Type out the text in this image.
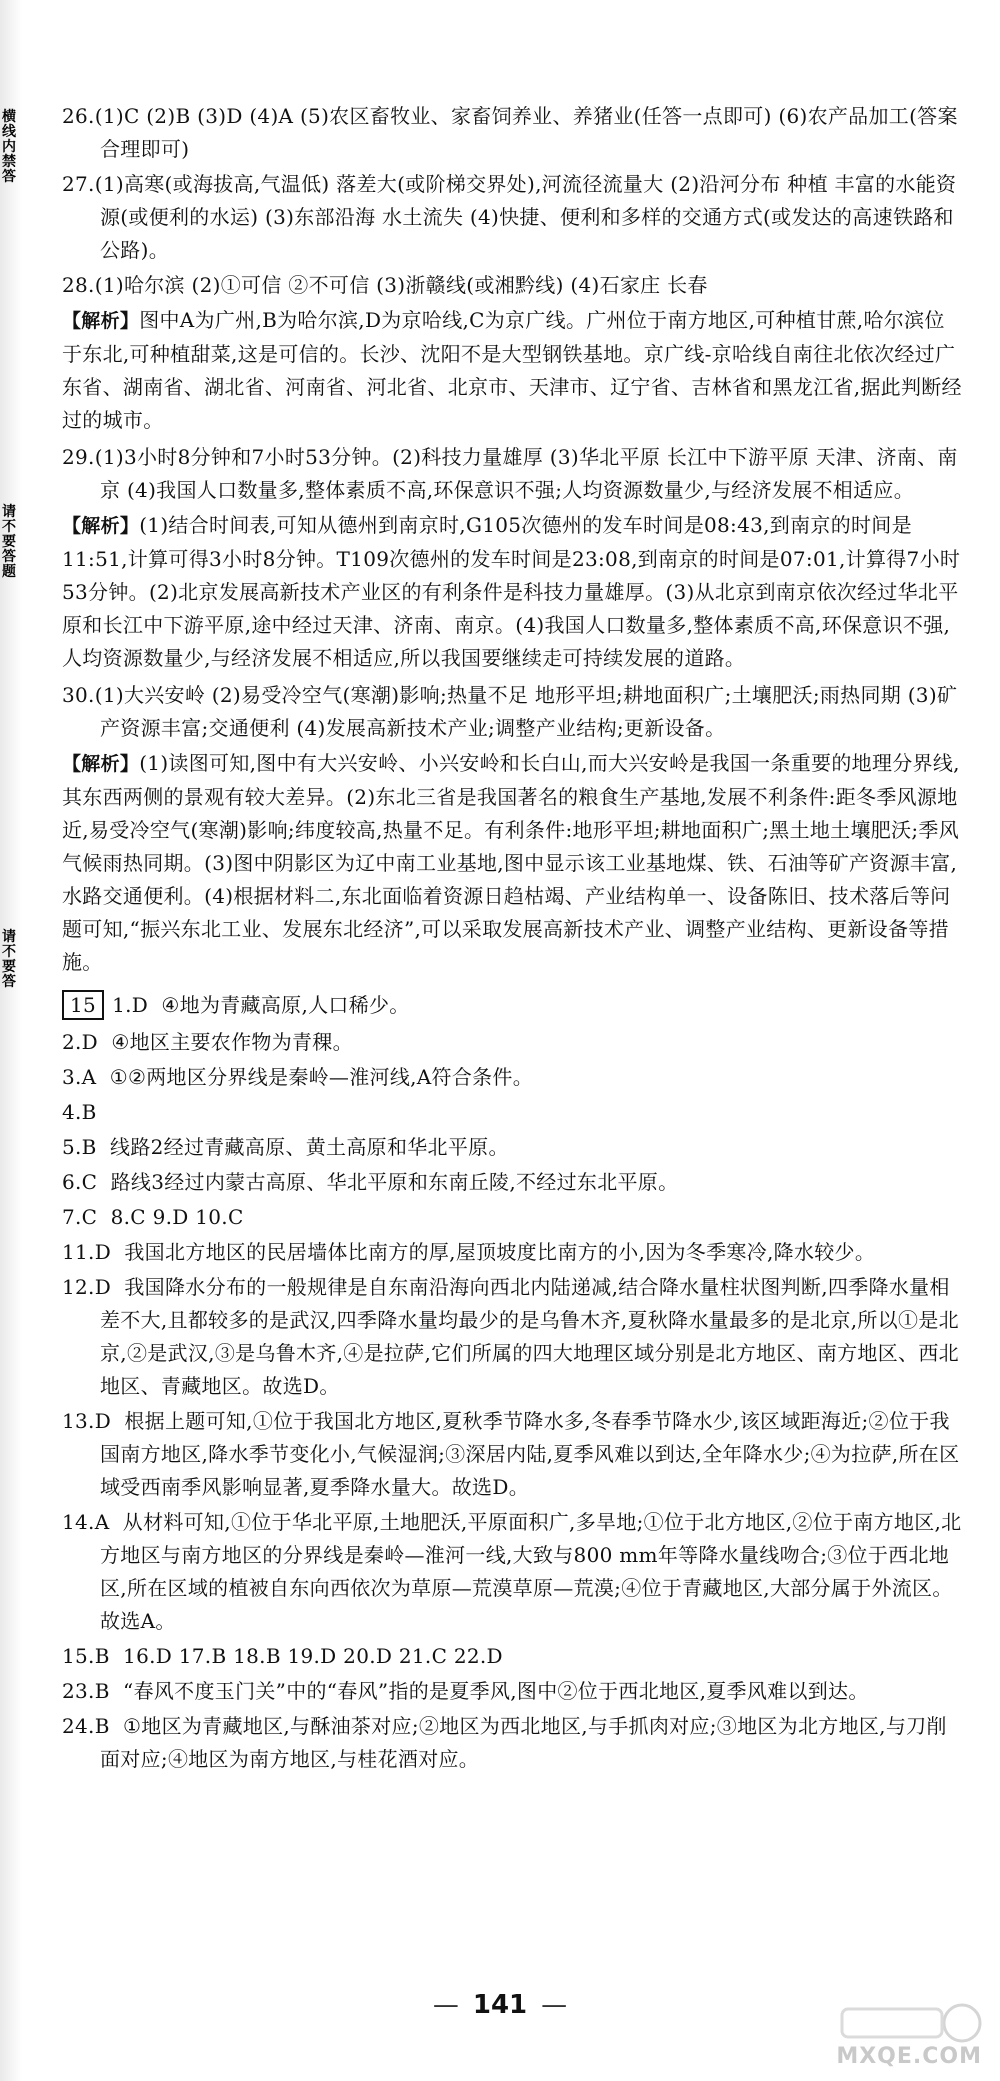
横线内禁答
请不要答题
请不要答

26.(1)C (2)B (3)D (4)A (5)农区畜牧业、家畜饲养业、养猪业(任答一点即可) (6)农产品加工(答案合理即可)

27.(1)高寒(或海拔高,气温低) 落差大(或阶梯交界处),河流径流量大 (2)沿河分布 种植 丰富的水能资源(或便利的水运) (3)东部沿海 水土流失 (4)快捷、便利和多样的交通方式(或发达的高速铁路和公路)。

28.(1)哈尔滨 (2)①可信 ②不可信 (3)浙赣线(或湘黔线) (4)石家庄 长春

【解析】图中A为广州,B为哈尔滨,D为京哈线,C为京广线。广州位于南方地区,可种植甘蔗,哈尔滨位于东北,可种植甜菜,这是可信的。长沙、沈阳不是大型钢铁基地。京广线-京哈线自南往北依次经过广东省、湖南省、湖北省、河南省、河北省、北京市、天津市、辽宁省、吉林省和黑龙江省,据此判断经过的城市。

29.(1)3小时8分钟和7小时53分钟。(2)科技力量雄厚 (3)华北平原 长江中下游平原 天津、济南、南京 (4)我国人口数量多,整体素质不高,环保意识不强;人均资源数量少,与经济发展不相适应。

【解析】(1)结合时间表,可知从德州到南京时,G105次德州的发车时间是08:43,到南京的时间是11:51,计算可得3小时8分钟。T109次德州的发车时间是23:08,到南京的时间是07:01,计算得7小时53分钟。(2)北京发展高新技术产业区的有利条件是科技力量雄厚。(3)从北京到南京依次经过华北平原和长江中下游平原,途中经过天津、济南、南京。(4)我国人口数量多,整体素质不高,环保意识不强,人均资源数量少,与经济发展不相适应,所以我国要继续走可持续发展的道路。

30.(1)大兴安岭 (2)易受冷空气(寒潮)影响;热量不足 地形平坦;耕地面积广;土壤肥沃;雨热同期 (3)矿产资源丰富;交通便利 (4)发展高新技术产业;调整产业结构;更新设备。

【解析】(1)读图可知,图中有大兴安岭、小兴安岭和长白山,而大兴安岭是我国一条重要的地理分界线,其东西两侧的景观有较大差异。(2)东北三省是我国著名的粮食生产基地,发展不利条件:距冬季风源地近,易受冷空气(寒潮)影响;纬度较高,热量不足。有利条件:地形平坦;耕地面积广;黑土地土壤肥沃;季风气候雨热同期。(3)图中阴影区为辽中南工业基地,图中显示该工业基地煤、铁、石油等矿产资源丰富,水路交通便利。(4)根据材料二,东北面临着资源日趋枯竭、产业结构单一、设备陈旧、技术落后等问题可知,“振兴东北工业、发展东北经济”,可以采取发展高新技术产业、调整产业结构、更新设备等措施。

15 1.D ④地为青藏高原,人口稀少。

2.D ④地区主要农作物为青稞。

3.A ①②两地区分界线是秦岭—淮河线,A符合条件。

4.B

5.B 线路2经过青藏高原、黄土高原和华北平原。

6.C 路线3经过内蒙古高原、华北平原和东南丘陵,不经过东北平原。

7.C 8.C 9.D 10.C

11.D 我国北方地区的民居墙体比南方的厚,屋顶坡度比南方的小,因为冬季寒冷,降水较少。

12.D 我国降水分布的一般规律是自东南沿海向西北内陆递减,结合降水量柱状图判断,四季降水量相差不大,且都较多的是武汉,四季降水量均最少的是乌鲁木齐,夏秋降水量最多的是北京,所以①是北京,②是武汉,③是乌鲁木齐,④是拉萨,它们所属的四大地理区域分别是北方地区、南方地区、西北地区、青藏地区。故选D。

13.D 根据上题可知,①位于我国北方地区,夏秋季节降水多,冬春季节降水少,该区域距海近;②位于我国南方地区,降水季节变化小,气候湿润;③深居内陆,夏季风难以到达,全年降水少;④为拉萨,所在区域受西南季风影响显著,夏季降水量大。故选D。

14.A 从材料可知,①位于华北平原,土地肥沃,平原面积广,多旱地;①位于北方地区,②位于南方地区,北方地区与南方地区的分界线是秦岭—淮河一线,大致与800 mm年等降水量线吻合;③位于西北地区,所在区域的植被自东向西依次为草原—荒漠草原—荒漠;④位于青藏地区,大部分属于外流区。故选A。

15.B 16.D 17.B 18.B 19.D 20.D 21.C 22.D

23.B “春风不度玉门关”中的“春风”指的是夏季风,图中②位于西北地区,夏季风难以到达。

24.B ①地区为青藏地区,与酥油茶对应;②地区为西北地区,与手抓肉对应;③地区为北方地区,与刀削面对应;④地区为南方地区,与桂花酒对应。

— 141 —
MXQE.COM
